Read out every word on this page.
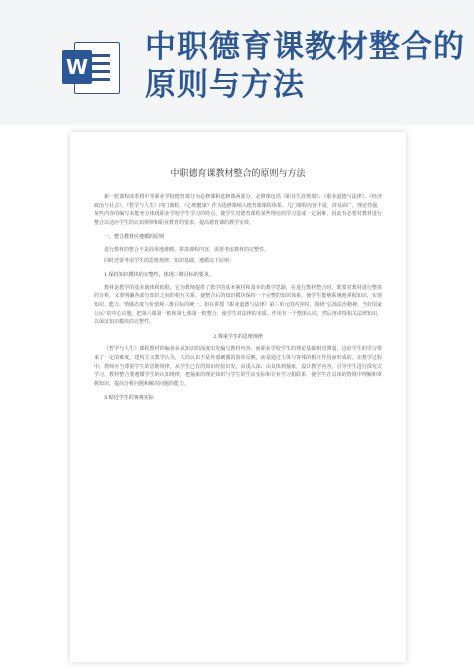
W
中职德育课教材整合的原则与方法
中职德育课教材整合的原则与方法

新一轮课程改革将中等职业学校德育课分为必修课和选修课两部分，必修课包括《职业生涯规划》、《职业道德与法律》、《经济政治与社会》、《哲学与人生》四门课程，《心理健康》作为选修课纳入德育课课程体系。几门课程内容丰富，涉及面广，理论性强，某些内容的编写未能充分体现职业学校学生学习的特点，使学生对德育课程某些理论的学习造成一定困难，因此有必要对教材进行整合以适应学生的认知规律和职业教育的要求，提高德育课的教学实效。

一、整合教材应遵循的原则

进行教材的整合不是简单地堆砌、拼凑课程内容，需要考虑教材的完整性。

同时还要考虑学生的思维规律、知识基础，遵循以下原则：

1.保持知识模块的完整性，体现三维目标的要求。

教材是教学的基本载体和依据，它为教师提供了教学的基本素材和基本的教学思路，在进行教材整合时，既要对教材进行整体的分析，又要明确各部分知识之间的相互关系，使整合后的知识模块保持一个完整的知识体系，使学生能够系统地掌握知识，实现知识、能力、情感态度与价值观三维目标的统一。如在讲授《职业道德与法律》第三单元的内容时，围绕“弘扬法治精神，当好国家公民”的中心议题，把第六课第一框和第七课第一框整合，使学生对法律的本质、作用有一个整体认识，然后再讲授相关法律知识，以保证知识模块的完整性。

2.尊重学生的思维规律

《哲学与人生》课程教材的编者多从知识的深度出发编写教材内容，而职业学校学生的理论基础相对薄弱，这给学生的学习带来了一定的难度。建构主义教学认为，人的认识不是外部刺激的简单反映，而是通过主体与客体的相互作用而形成的。在教学过程中，教师应当尊重学生的思维规律，从学生已有的知识经验出发，由浅入深、由具体到抽象，设计教学内容，引导学生进行探究式学习。教材整合要遵循学生的认知规律，把抽象的理论知识与学生的生活实际和专业学习相联系，使学生在具体的情境中理解和掌握知识，提高分析问题和解决问题的能力。

3.贴近学生的客观实际
